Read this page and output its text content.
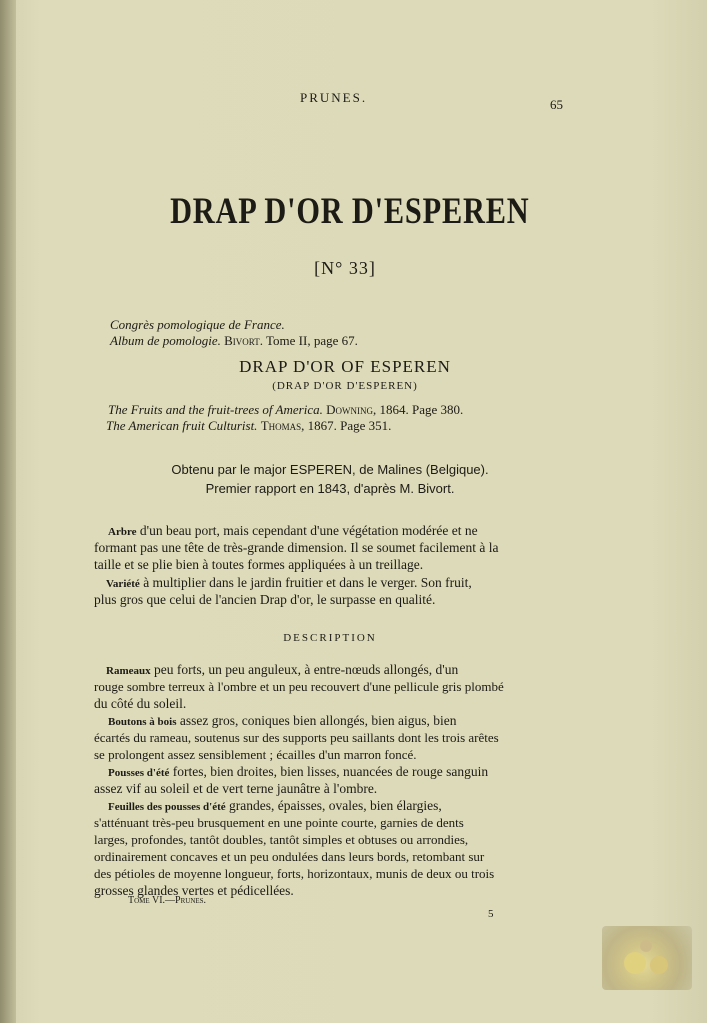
PRUNES.	65
DRAP D'OR D'ESPEREN
[N° 33]
Congrès pomologique de France.
Album de pomologie. Bivort. Tome II, page 67.
DRAP D'OR OF ESPEREN
(DRAP D'OR D'ESPEREN)
The Fruits and the fruit-trees of America. Downing, 1864. Page 380.
The American fruit Culturist. Thomas, 1867. Page 351.
Obtenu par le major ESPEREN, de Malines (Belgique).
Premier rapport en 1843, d'après M. Bivort.
Arbre d'un beau port, mais cependant d'une végétation modérée et ne
formant pas une tête de très-grande dimension. Il se soumet facilement à la
taille et se plie bien à toutes formes appliquées à un treillage.
Variété à multiplier dans le jardin fruitier et dans le verger. Son fruit,
plus gros que celui de l'ancien Drap d'or, le surpasse en qualité.
DESCRIPTION
Rameaux peu forts, un peu anguleux, à entre-nœuds allongés, d'un
rouge sombre terreux à l'ombre et un peu recouvert d'une pellicule gris plombé
du côté du soleil.
Boutons à bois assez gros, coniques bien allongés, bien aigus, bien
écartés du rameau, soutenus sur des supports peu saillants dont les trois arêtes
se prolongent assez sensiblement ; écailles d'un marron foncé.
Pousses d'été fortes, bien droites, bien lisses, nuancées de rouge sanguin
assez vif au soleil et de vert terne jaunâtre à l'ombre.
Feuilles des pousses d'été grandes, épaisses, ovales, bien élargies,
s'atténuant très-peu brusquement en une pointe courte, garnies de dents
larges, profondes, tantôt doubles, tantôt simples et obtuses ou arrondies,
ordinairement concaves et un peu ondulées dans leurs bords, retombant sur
des pétioles de moyenne longueur, forts, horizontaux, munis de deux ou trois
grosses glandes vertes et pédicellées.
Tome VI.—Prunes.
5
